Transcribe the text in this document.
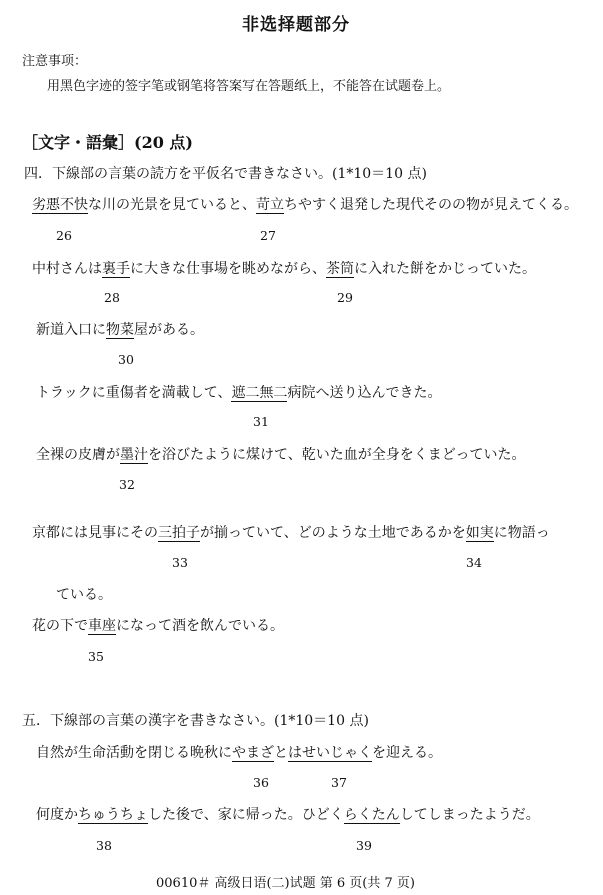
非选择题部分
注意事项：
用黑色字迹的签字笔或钢笔将答案写在答题纸上，不能答在试题卷上。
［文字・語彙］(20 点)
四．下線部の言葉の読方を平仮名で書きなさい。(1*10＝10 点)
劣悪不快な川の光景を見ていると、苛立ちやすく退発した現代そのの物が見えてくる。
26	27
中村さんは裏手に大きな仕事場を眺めながら、茶筒に入れた餅をかじっていた。
28	29
新道入口に物菜屋がある。
30
トラックに重傷者を満載して、遮二無二病院へ送り込んできた。
31
全裸の皮膚が墨汁を浴びたように煤けて、乾いた血が全身をくまどっていた。
32
京都には見事にその三拍子が揃っていて、どのような土地であるかを如実に物語っ
33	34
ている。
花の下で車座になって酒を飲んでいる。
35
五．下線部の言葉の漢字を書きなさい。(1*10＝10 点)
自然が生命活動を閉じる晩秋にやまざとはせいじゃくを迎える。
36	37
何度かちゅうちょした後で、家に帰った。ひどくらくたんしてしまったようだ。
38	39
00610＃ 高级日语(二)试题 第 6 页(共 7 页)
